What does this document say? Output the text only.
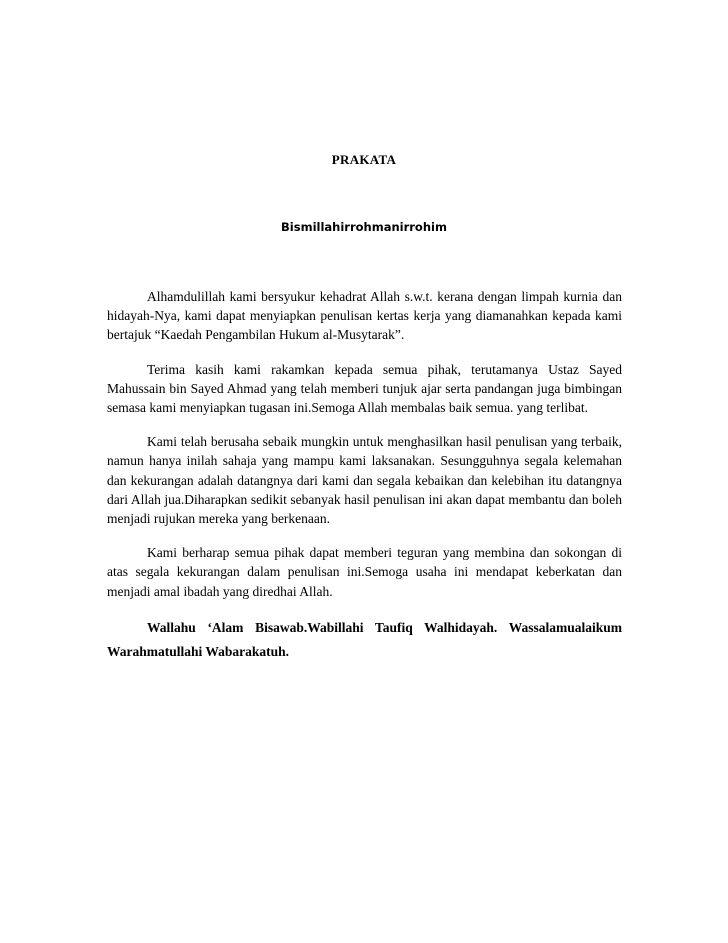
PRAKATA
Bismillahirrohmanirrohim

Alhamdulillah kami bersyukur kehadrat Allah s.w.t. kerana dengan limpah kurnia dan hidayah-Nya, kami dapat menyiapkan penulisan kertas kerja yang diamanahkan kepada kami bertajuk “Kaedah Pengambilan Hukum al-Musytarak”.

Terima kasih kami rakamkan kepada semua pihak, terutamanya Ustaz Sayed Mahussain bin Sayed Ahmad yang telah memberi tunjuk ajar serta pandangan juga bimbingan semasa kami menyiapkan tugasan ini.Semoga Allah membalas baik semua. yang terlibat.

Kami telah berusaha sebaik mungkin untuk menghasilkan hasil penulisan yang terbaik, namun hanya inilah sahaja yang mampu kami laksanakan. Sesungguhnya segala kelemahan dan kekurangan adalah datangnya dari kami dan segala kebaikan dan kelebihan itu datangnya dari Allah jua.Diharapkan sedikit sebanyak hasil penulisan ini akan dapat membantu dan boleh menjadi rujukan mereka yang berkenaan.

Kami berharap semua pihak dapat memberi teguran yang membina dan sokongan di atas segala kekurangan dalam penulisan ini.Semoga usaha ini mendapat keberkatan dan menjadi amal ibadah yang diredhai Allah.

Wallahu ‘Alam Bisawab.Wabillahi Taufiq Walhidayah. Wassalamualaikum Warahmatullahi Wabarakatuh.
